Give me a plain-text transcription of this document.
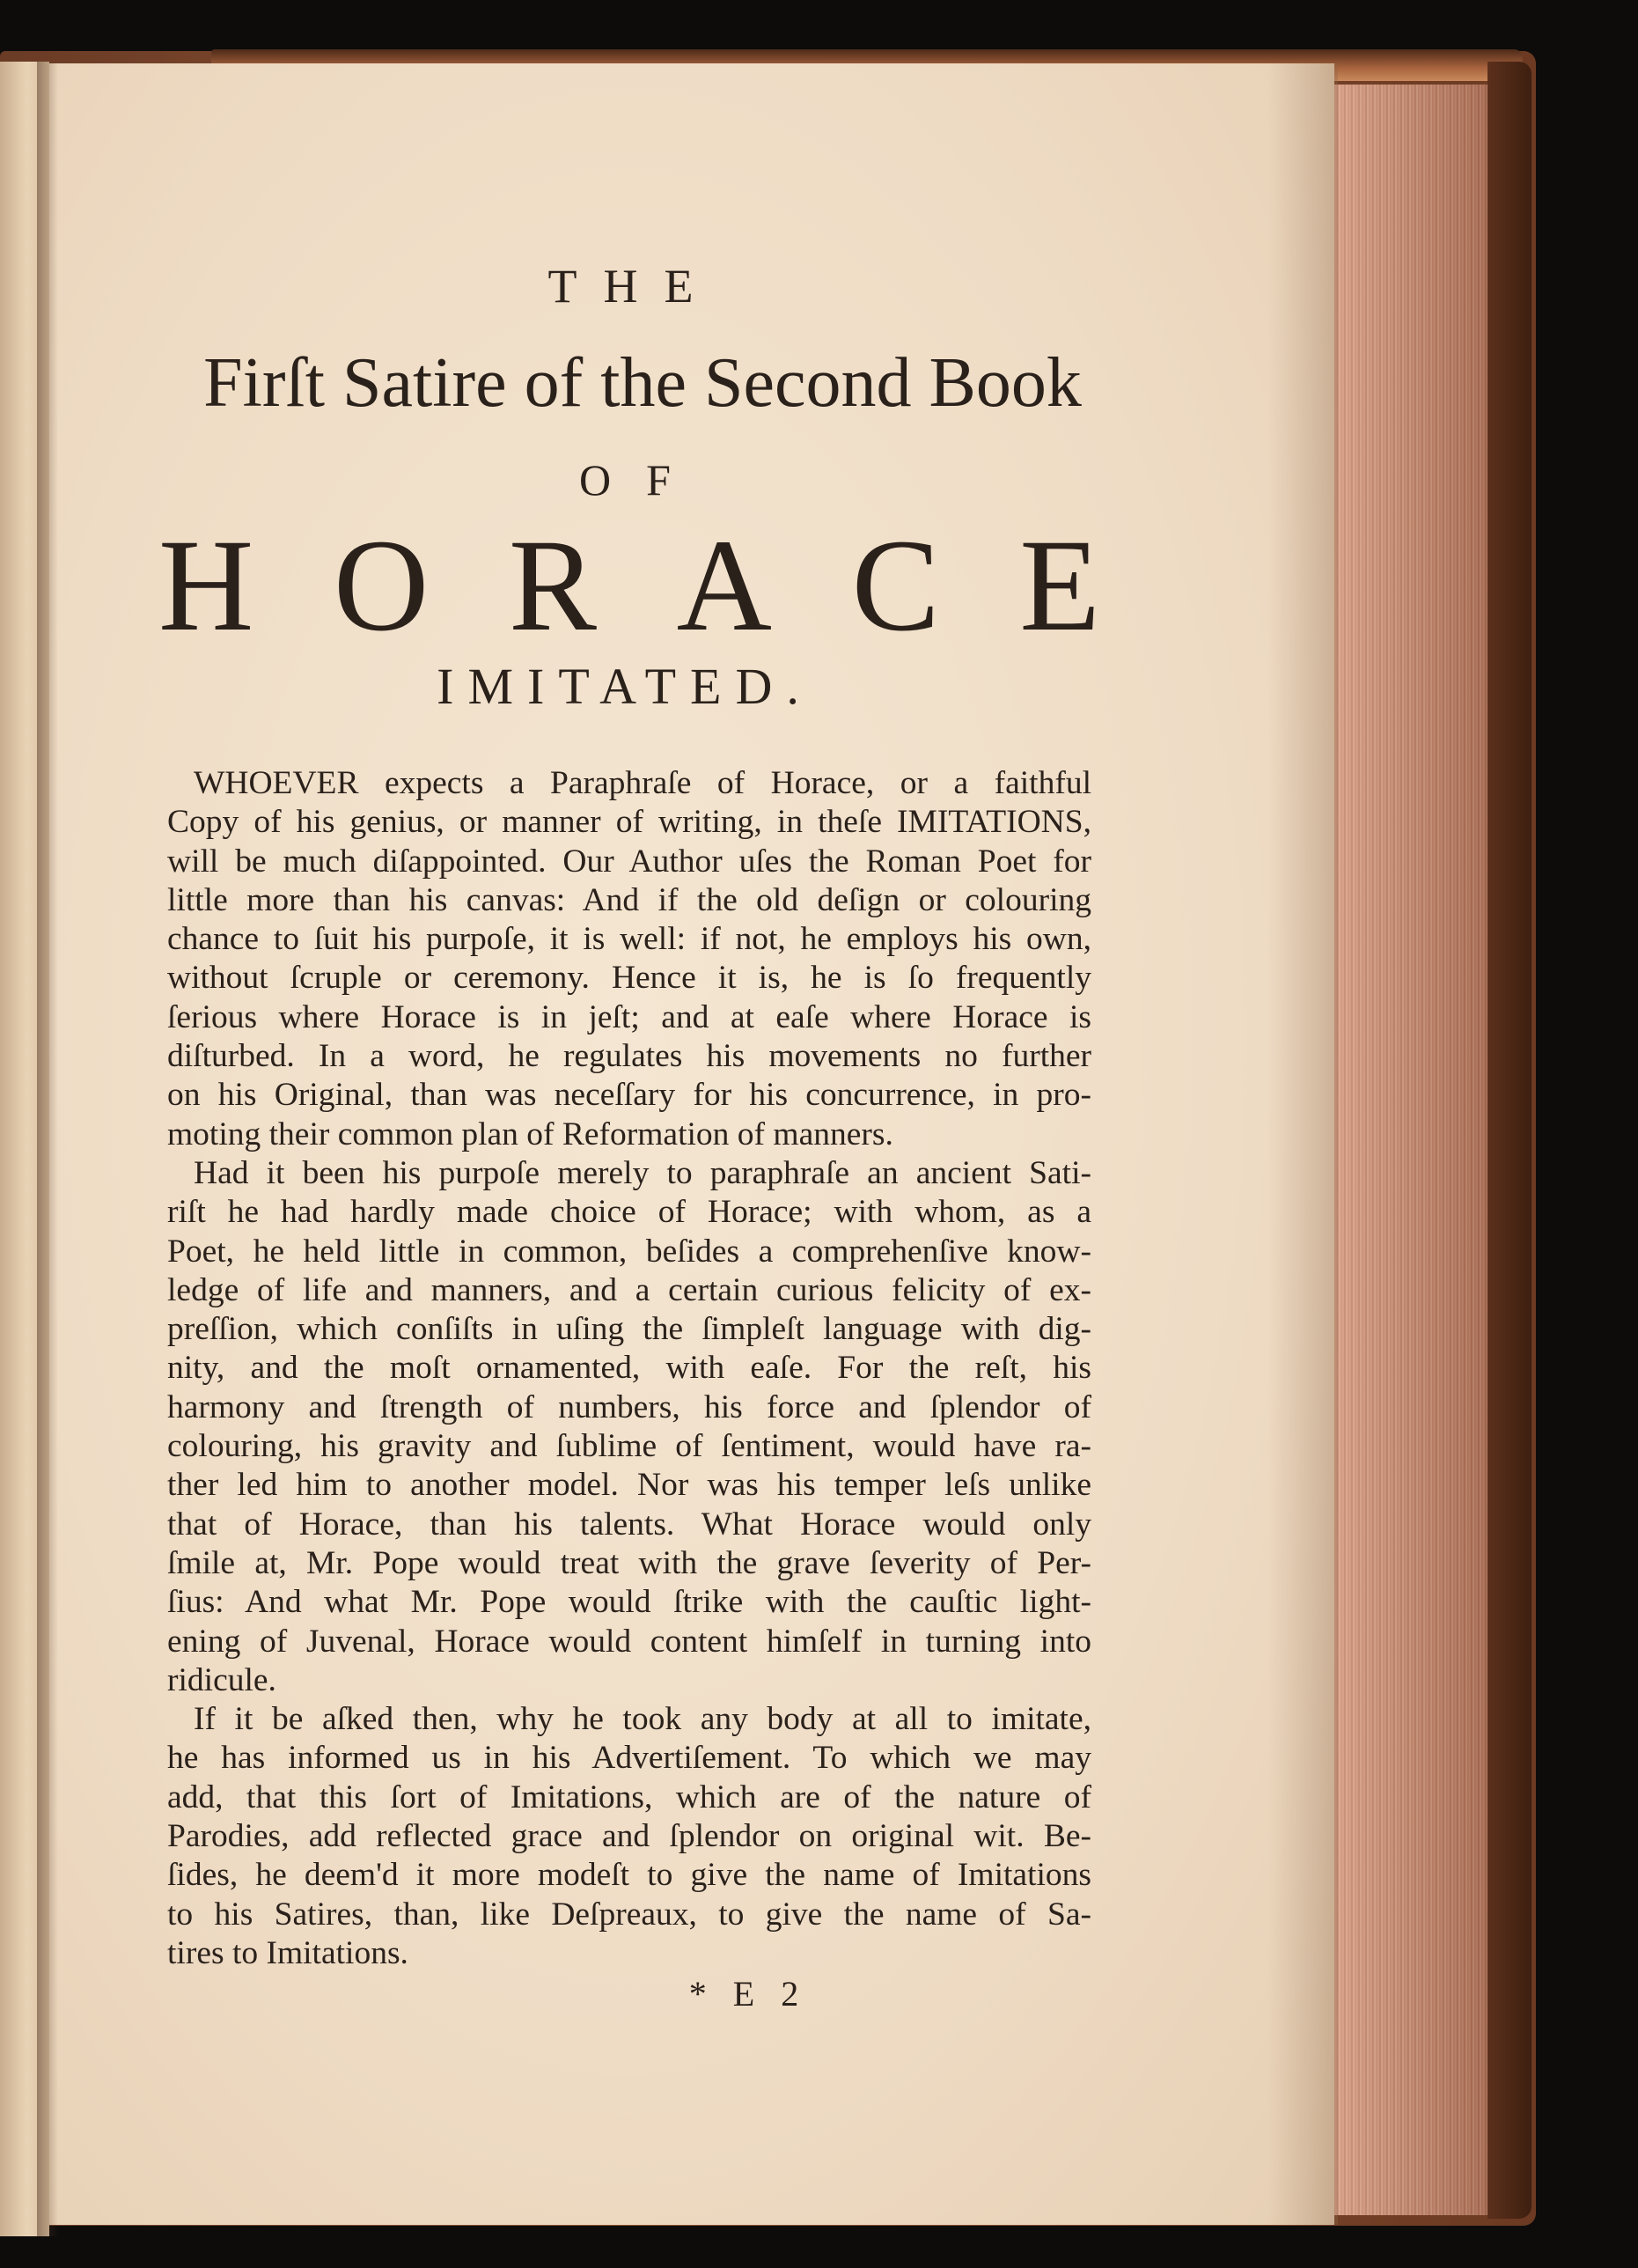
THE
Firſt Satire of the Second Book
OF
H O R A C E
IMITATED.
WHOEVER expects a Paraphraſe of Horace, or a faithful
Copy of his genius, or manner of writing, in theſe IMITATIONS,
will be much diſappointed. Our Author uſes the Roman Poet for
little more than his canvas: And if the old deſign or colouring
chance to ſuit his purpoſe, it is well: if not, he employs his own,
without ſcruple or ceremony. Hence it is, he is ſo frequently
ſerious where Horace is in jeſt; and at eaſe where Horace is
diſturbed. In a word, he regulates his movements no further
on his Original, than was neceſſary for his concurrence, in pro-
moting their common plan of Reformation of manners.
Had it been his purpoſe merely to paraphraſe an ancient Sati-
riſt he had hardly made choice of Horace; with whom, as a
Poet, he held little in common, beſides a comprehenſive know-
ledge of life and manners, and a certain curious felicity of ex-
preſſion, which conſiſts in uſing the ſimpleſt language with dig-
nity, and the moſt ornamented, with eaſe. For the reſt, his
harmony and ſtrength of numbers, his force and ſplendor of
colouring, his gravity and ſublime of ſentiment, would have ra-
ther led him to another model. Nor was his temper leſs unlike
that of Horace, than his talents. What Horace would only
ſmile at, Mr. Pope would treat with the grave ſeverity of Per-
ſius: And what Mr. Pope would ſtrike with the cauſtic light-
ening of Juvenal, Horace would content himſelf in turning into
ridicule.
If it be aſked then, why he took any body at all to imitate,
he has informed us in his Advertiſement. To which we may
add, that this ſort of Imitations, which are of the nature of
Parodies, add reflected grace and ſplendor on original wit. Be-
ſides, he deem'd it more modeſt to give the name of Imitations
to his Satires, than, like Deſpreaux, to give the name of Sa-
tires to Imitations.
* E 2
